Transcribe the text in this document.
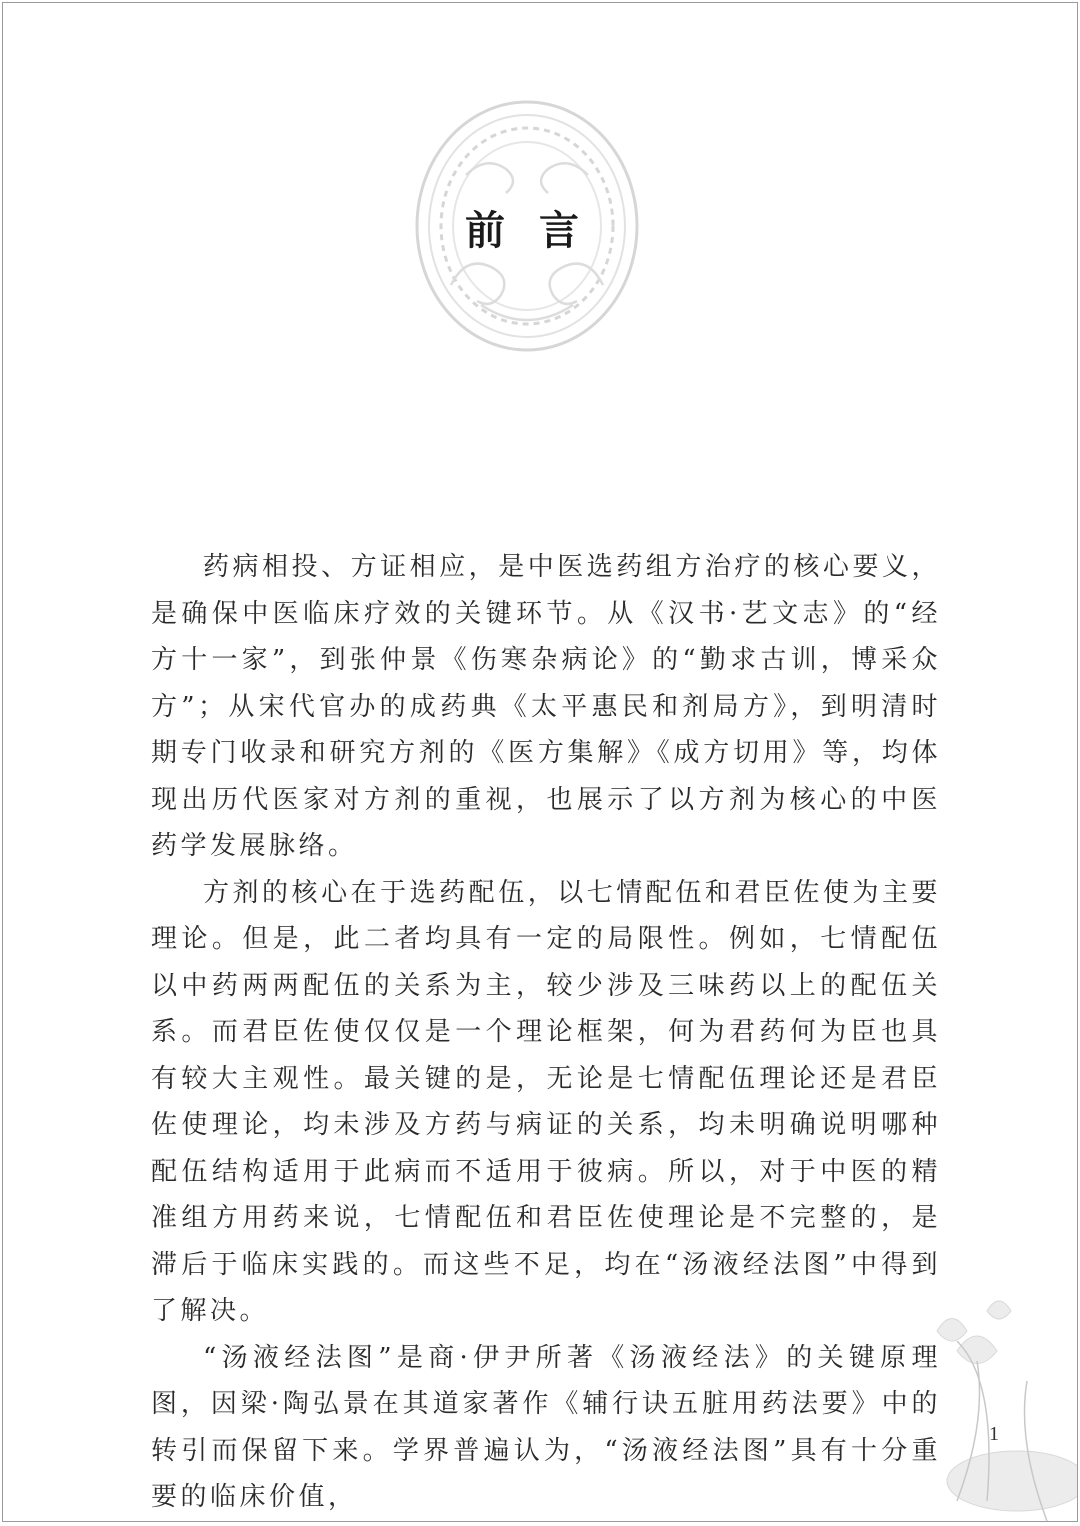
前 言

药病相投、方证相应，是中医选药组方治疗的核心要义，是确保中医临床疗效的关键环节。从《汉书·艺文志》的“经方十一家”，到张仲景《伤寒杂病论》的“勤求古训，博采众方”；从宋代官办的成药典《太平惠民和剂局方》，到明清时期专门收录和研究方剂的《医方集解》《成方切用》等，均体现出历代医家对方剂的重视，也展示了以方剂为核心的中医药学发展脉络。

方剂的核心在于选药配伍，以七情配伍和君臣佐使为主要理论。但是，此二者均具有一定的局限性。例如，七情配伍以中药两两配伍的关系为主，较少涉及三味药以上的配伍关系。而君臣佐使仅仅是一个理论框架，何为君药何为臣也具有较大主观性。最关键的是，无论是七情配伍理论还是君臣佐使理论，均未涉及方药与病证的关系，均未明确说明哪种配伍结构适用于此病而不适用于彼病。所以，对于中医的精准组方用药来说，七情配伍和君臣佐使理论是不完整的，是滞后于临床实践的。而这些不足，均在“汤液经法图”中得到了解决。

“汤液经法图”是商·伊尹所著《汤液经法》的关键原理图，因梁·陶弘景在其道家著作《辅行诀五脏用药法要》中的转引而保留下来。学界普遍认为，“汤液经法图”具有十分重要的临床价值，

1
